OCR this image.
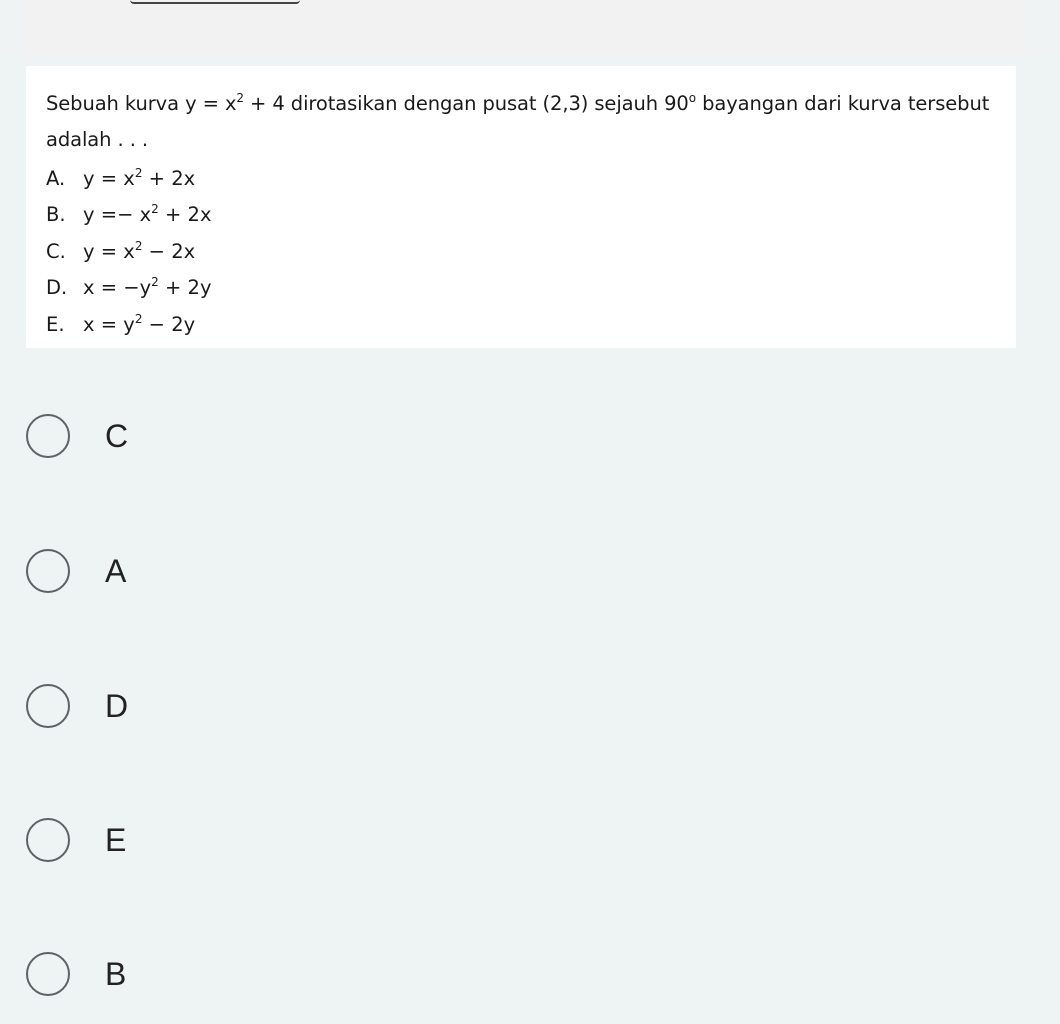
Sebuah kurva $y = x^2 + 4$ dirotasikan dengan pusat (2,3) sejauh 90$^o$ bayangan dari kurva tersebut adalah . . .

A. $y = x^2 + 2x$
B. $y =- x^2 + 2x$
C. $y = x^2 - 2x$
D. $x = -y^2 + 2y$
E. $x = y^2 - 2y$
C
A
D
E
B
